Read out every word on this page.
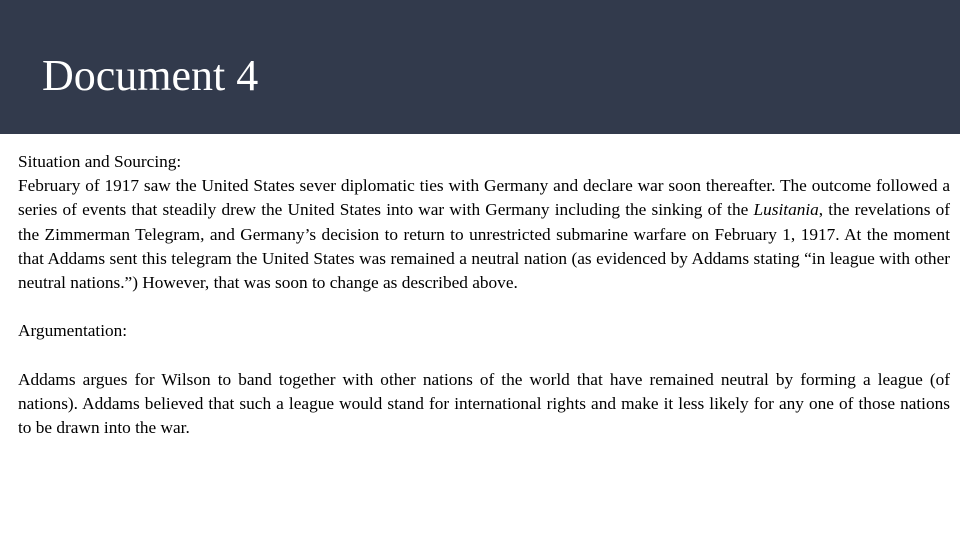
Document 4

Situation and Sourcing:

February of 1917 saw the United States sever diplomatic ties with Germany and declare war soon thereafter. The outcome followed a series of events that steadily drew the United States into war with Germany including the sinking of the Lusitania, the revelations of the Zimmerman Telegram, and Germany’s decision to return to unrestricted submarine warfare on February 1, 1917. At the moment that Addams sent this telegram the United States was remained a neutral nation (as evidenced by Addams stating “in league with other neutral nations.”) However, that was soon to change as described above.

Argumentation:

Addams argues for Wilson to band together with other nations of the world that have remained neutral by forming a league (of nations). Addams believed that such a league would stand for international rights and make it less likely for any one of those nations to be drawn into the war.
